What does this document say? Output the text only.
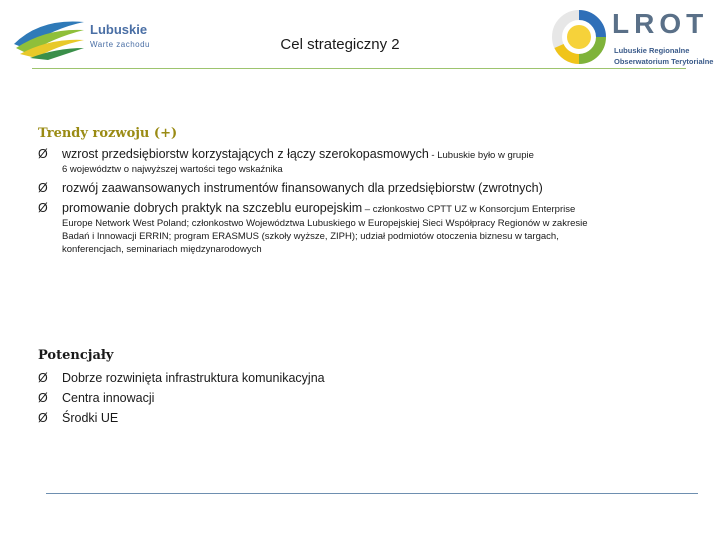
Lubuskie
Warte zachodu	Cel strategiczny 2
LROT
Lubuskie Regionalne
Obserwatorium Terytorialne
Trendy rozwoju (+)
Ø wzrost przedsiębiorstw korzystających z łączy szerokopasmowych - Lubuskie było w grupie
6 województw o najwyższej wartości tego wskaźnika
Ø rozwój zaawansowanych instrumentów finansowanych dla przedsiębiorstw (zwrotnych)
Ø promowanie dobrych praktyk na szczeblu europejskim – członkostwo CPTT UZ w Konsorcjum Enterprise
Europe Network West Poland; członkostwo Województwa Lubuskiego w Europejskiej Sieci Współpracy Regionów w zakresie
Badań i Innowacji ERRIN; program ERASMUS (szkoły wyższe, ZIPH); udział podmiotów otoczenia biznesu w targach,
konferencjach, seminariach międzynarodowych
Potencjały
Ø Dobrze rozwinięta infrastruktura komunikacyjna
Ø Centra innowacji
Ø Środki UE
